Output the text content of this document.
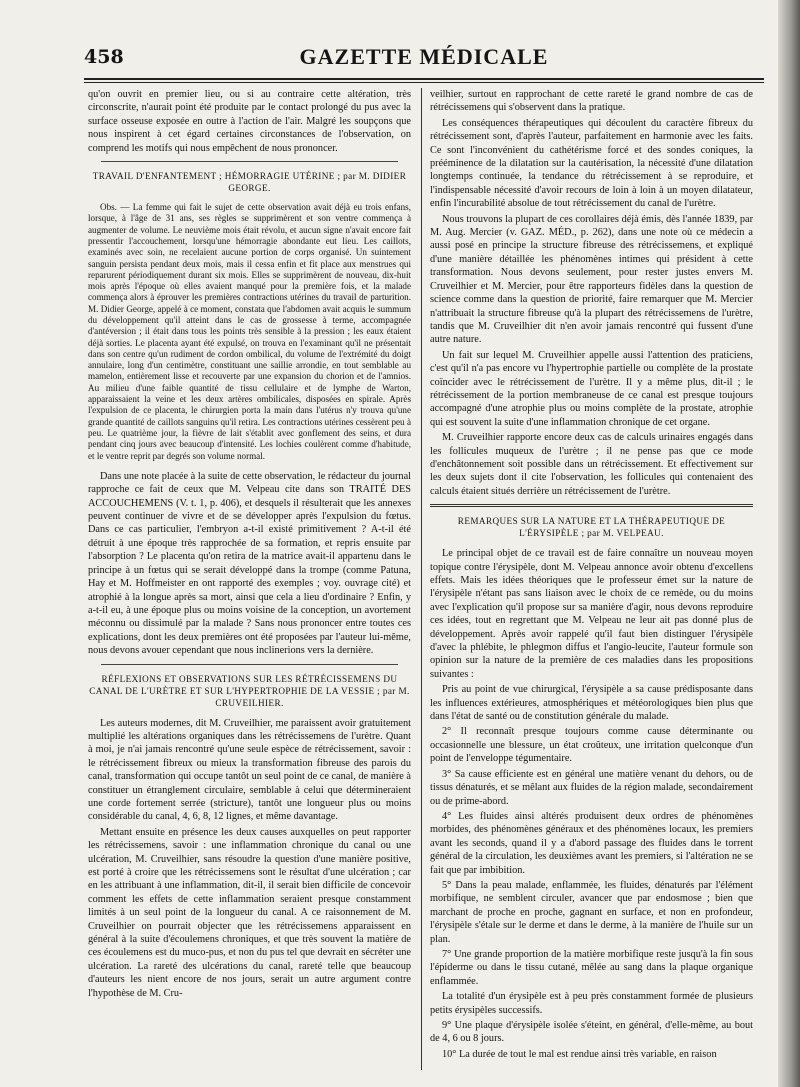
458	GAZETTE MÉDICALE

qu'on ouvrit en premier lieu, ou si au contraire cette altération, très circonscrite, n'aurait point été produite par le contact prolongé du pus avec la surface osseuse exposée en outre à l'action de l'air. Malgré les soupçons que nous inspirent à cet égard certaines circonstances de l'observation, on comprend les motifs qui nous empêchent de nous prononcer.

TRAVAIL D'ENFANTEMENT ; HÉMORRAGIE UTÉRINE ; par M. DIDIER GEORGE.

Obs. — La femme qui fait le sujet de cette observation avait déjà eu trois enfans, lorsque, à l'âge de 31 ans, ses règles se supprimèrent et son ventre commença à augmenter de volume. Le neuvième mois était révolu, et aucun signe n'avait encore fait pressentir l'accouchement, lorsqu'une hémorragie abondante eut lieu. Les caillots, examinés avec soin, ne recelaient aucune portion de corps organisé. Un suintement sanguin persista pendant deux mois, mais il cessa enfin et fit place aux menstrues qui reparurent périodiquement durant six mois. Elles se supprimèrent de nouveau, dix-huit mois après l'époque où elles avaient manqué pour la première fois, et la malade commença alors à éprouver les premières contractions utérines du travail de parturition. M. Didier George, appelé à ce moment, constata que l'abdomen avait acquis le summum du développement qu'il atteint dans le cas de grossesse à terme, accompagnée d'antéversion ; il était dans tous les points très sensible à la pression ; les eaux étaient déjà sorties. Le placenta ayant été expulsé, on trouva en l'examinant qu'il ne présentait dans son centre qu'un rudiment de cordon ombilical, du volume de l'extrémité du doigt annulaire, long d'un centimètre, constituant une saillie arrondie, en tout semblable au mamelon, entièrement lisse et recouverte par une expansion du chorion et de l'amnios. Au milieu d'une faible quantité de tissu cellulaire et de lymphe de Warton, apparaissaient la veine et les deux artères ombilicales, disposées en spirale. Après l'expulsion de ce placenta, le chirurgien porta la main dans l'utérus n'y trouva qu'une grande quantité de caillots sanguins qu'il retira. Les contractions utérines cessèrent peu à peu. Le quatrième jour, la fièvre de lait s'établit avec gonflement des seins, et dura pendant cinq jours avec beaucoup d'intensité. Les lochies coulèrent comme d'habitude, et le ventre reprit par degrés son volume normal.

Dans une note placée à la suite de cette observation, le rédacteur du journal rapproche ce fait de ceux que M. Velpeau cite dans son TRAITÉ DES ACCOUCHEMENS (V. t. 1, p. 406), et desquels il résulterait que les annexes peuvent continuer de vivre et de se développer après l'expulsion du fœtus. Dans ce cas particulier, l'embryon a-t-il existé primitivement ? A-t-il été détruit à une époque très rapprochée de sa formation, et repris ensuite par l'absorption ? Le placenta qu'on retira de la matrice avait-il appartenu dans le principe à un fœtus qui se serait développé dans la trompe (comme Patuna, Hay et M. Hoffmeister en ont rapporté des exemples ; voy. ouvrage cité) et atrophié à la longue après sa mort, ainsi que cela a lieu d'ordinaire ? Enfin, y a-t-il eu, à une époque plus ou moins voisine de la conception, un avortement méconnu ou dissimulé par la malade ? Sans nous prononcer entre toutes ces explications, dont les deux premières ont été proposées par l'auteur lui-même, nous devons avouer cependant que nous inclinerions vers la dernière.

RÉFLEXIONS ET OBSERVATIONS SUR LES RÉTRÉCISSEMENS DU CANAL DE L'URÈTRE ET SUR L'HYPERTROPHIE DE LA VESSIE ; par M. CRUVEILHIER.

Les auteurs modernes, dit M. Cruveilhier, me paraissent avoir gratuitement multiplié les altérations organiques dans les rétrécissemens de l'urètre. Quant à moi, je n'ai jamais rencontré qu'une seule espèce de rétrécissement, savoir : le rétrécissement fibreux ou mieux la transformation fibreuse des parois du canal, transformation qui occupe tantôt un seul point de ce canal, de manière à constituer un étranglement circulaire, semblable à celui que détermineraient une corde fortement serrée (stricture), tantôt une longueur plus ou moins considérable du canal, 4, 6, 8, 12 lignes, et même davantage.

Mettant ensuite en présence les deux causes auxquelles on peut rapporter les rétrécissemens, savoir : une inflammation chronique du canal ou une ulcération, M. Cruveilhier, sans résoudre la question d'une manière positive, est porté à croire que les rétrécissemens sont le résultat d'une ulcération ; car en les attribuant à une inflammation, dit-il, il serait bien difficile de concevoir comment les effets de cette inflammation seraient presque constamment limités à un seul point de la longueur du canal. A ce raisonnement de M. Cruveilhier on pourrait objecter que les rétrécissemens apparaissent en général à la suite d'écoulemens chroniques, et que très souvent la matière de ces écoulemens est du muco-pus, et non du pus tel que devrait en sécréter une ulcération. La rareté des ulcérations du canal, rareté telle que beaucoup d'auteurs les nient encore de nos jours, serait un autre argument contre l'hypothèse de M. Cru-

veilhier, surtout en rapprochant de cette rareté le grand nombre de cas de rétrécissemens qui s'observent dans la pratique.

Les conséquences thérapeutiques qui découlent du caractère fibreux du rétrécissement sont, d'après l'auteur, parfaitement en harmonie avec les faits. Ce sont l'inconvénient du cathétérisme forcé et des sondes coniques, la prééminence de la dilatation sur la cautérisation, la nécessité d'une dilatation longtemps continuée, la tendance du rétrécissement à se reproduire, et l'indispensable nécessité d'avoir recours de loin à loin à un moyen dilatateur, enfin l'incurabilité absolue de tout rétrécissement du canal de l'urètre.

Nous trouvons la plupart de ces corollaires déjà émis, dès l'année 1839, par M. Aug. Mercier (v. GAZ. MÉD., p. 262), dans une note où ce médecin a aussi posé en principe la structure fibreuse des rétrécissemens, et expliqué d'une manière détaillée les phénomènes intimes qui président à cette transformation. Nous devons seulement, pour rester justes envers M. Cruveilhier et M. Mercier, pour être rapporteurs fidèles dans la question de science comme dans la question de priorité, faire remarquer que M. Mercier n'attribuait la structure fibreuse qu'à la plupart des rétrécissemens de l'urètre, tandis que M. Cruveilhier dit n'en avoir jamais rencontré qui fussent d'une autre nature.

Un fait sur lequel M. Cruveilhier appelle aussi l'attention des praticiens, c'est qu'il n'a pas encore vu l'hypertrophie partielle ou complète de la prostate coïncider avec le rétrécissement de l'urètre. Il y a même plus, dit-il ; le rétrécissement de la portion membraneuse de ce canal est presque toujours accompagné d'une atrophie plus ou moins complète de la prostate, atrophie qui est souvent la suite d'une inflammation chronique de cet organe.

M. Cruveilhier rapporte encore deux cas de calculs urinaires engagés dans les follicules muqueux de l'urètre ; il ne pense pas que ce mode d'enchâtonnement soit possible dans un rétrécissement. Et effectivement sur les deux sujets dont il cite l'observation, les follicules qui contenaient des calculs étaient situés derrière un rétrécissement de l'urètre.

REMARQUES SUR LA NATURE ET LA THÉRAPEUTIQUE DE L'ÉRYSIPÈLE ; par M. VELPEAU.

Le principal objet de ce travail est de faire connaître un nouveau moyen topique contre l'érysipèle, dont M. Velpeau annonce avoir obtenu d'excellens effets. Mais les idées théoriques que le professeur émet sur la nature de l'érysipèle n'étant pas sans liaison avec le choix de ce remède, ou du moins avec l'explication qu'il propose sur sa manière d'agir, nous devons reproduire ces idées, tout en regrettant que M. Velpeau ne leur ait pas donné plus de développement. Après avoir rappelé qu'il faut bien distinguer l'érysipèle d'avec la phlébite, le phlegmon diffus et l'angio-leucite, l'auteur formule son opinion sur la nature de la première de ces maladies dans les propositions suivantes :

Pris au point de vue chirurgical, l'érysipèle a sa cause prédisposante dans les influences extérieures, atmosphériques et météorologiques bien plus que dans l'état de santé ou de constitution générale du malade.

2° Il reconnaît presque toujours comme cause déterminante ou occasionnelle une blessure, un état croûteux, une irritation quelconque d'un point de l'enveloppe tégumentaire.

3° Sa cause efficiente est en général une matière venant du dehors, ou de tissus dénaturés, et se mêlant aux fluides de la région malade, secondairement ou de prime-abord.

4° Les fluides ainsi altérés produisent deux ordres de phénomènes morbides, des phénomènes généraux et des phénomènes locaux, les premiers avant les seconds, quand il y a d'abord passage des fluides dans le torrent général de la circulation, les deuxièmes avant les premiers, si l'altération ne se fait que par imbibition.

5° Dans la peau malade, enflammée, les fluides, dénaturés par l'élément morbifique, ne semblent circuler, avancer que par endosmose ; bien que marchant de proche en proche, gagnant en surface, et non en profondeur, l'érysipèle s'étale sur le derme et dans le derme, à la manière de l'huile sur un plan.

7° Une grande proportion de la matière morbifique reste jusqu'à la fin sous l'épiderme ou dans le tissu cutané, mêlée au sang dans la plaque organique enflammée.

La totalité d'un érysipèle est à peu près constamment formée de plusieurs petits érysipèles successifs.

9° Une plaque d'érysipèle isolée s'éteint, en général, d'elle-même, au bout de 4, 6 ou 8 jours.

10° La durée de tout le mal est rendue ainsi très variable, en raison
